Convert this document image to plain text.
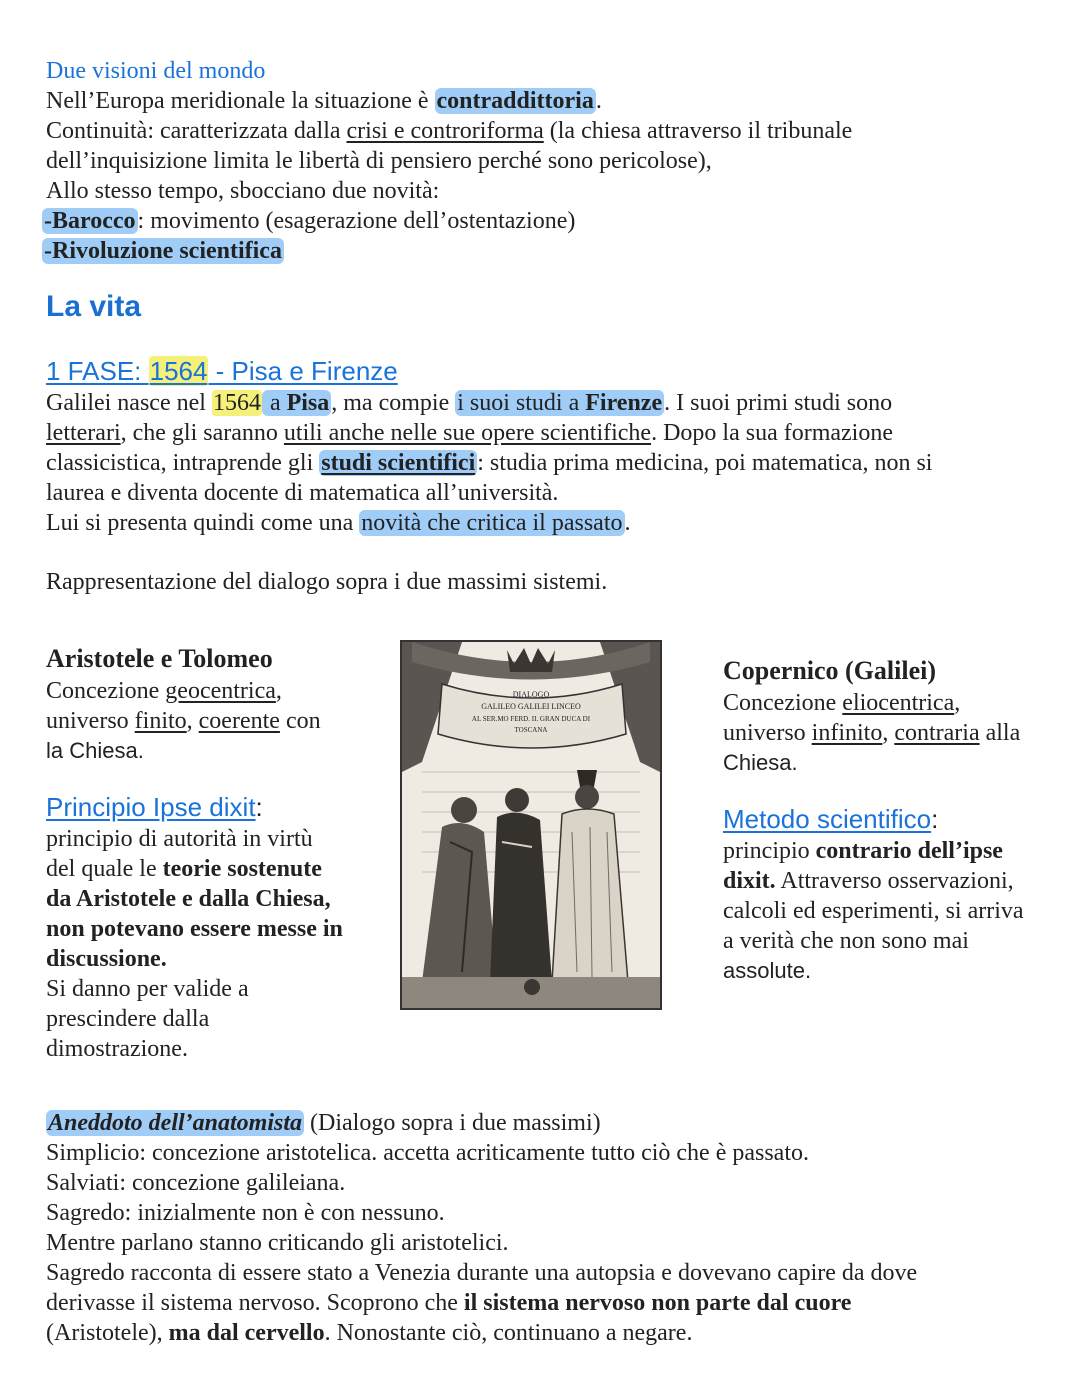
Due visioni del mondo
Nell’Europa meridionale la situazione è contraddittoria.
Continuità: caratterizzata dalla crisi e controriforma (la chiesa attraverso il tribunale
dell’inquisizione limita le libertà di pensiero perché sono pericolose),
Allo stesso tempo, sbocciano due novità:
-Barocco: movimento (esagerazione dell’ostentazione)
-Rivoluzione scientifica
La vita
1 FASE: 1564 - Pisa e Firenze
Galilei nasce nel 1564 a Pisa, ma compie i suoi studi a Firenze. I suoi primi studi sono
letterari, che gli saranno utili anche nelle sue opere scientifiche. Dopo la sua formazione
classicistica, intraprende gli studi scientifici: studia prima medicina, poi matematica, non si
laurea e diventa docente di matematica all’università.
Lui si presenta quindi come una novità che critica il passato.
Rappresentazione del dialogo sopra i due massimi sistemi.
Aristotele e Tolomeo
Concezione geocentrica,
universo finito, coerente con
la Chiesa.
Principio Ipse dixit:
principio di autorità in virtù
del quale le teorie sostenute
da Aristotele e dalla Chiesa,
non potevano essere messe in
discussione.
Si danno per valide a
prescindere dalla
dimostrazione.
DIALOGO
GALILEO GALILEI LINCEO
AL SER.MO FERD. II. GRAN DUCA DI
TOSCANA
Copernico (Galilei)
Concezione eliocentrica,
universo infinito, contraria alla
Chiesa.
Metodo scientifico:
principio contrario dell’ipse
dixit. Attraverso osservazioni,
calcoli ed esperimenti, si arriva
a verità che non sono mai
assolute.
Aneddoto dell’anatomista (Dialogo sopra i due massimi)
Simplicio: concezione aristotelica. accetta acriticamente tutto ciò che è passato.
Salviati: concezione galileiana.
Sagredo: inizialmente non è con nessuno.
Mentre parlano stanno criticando gli aristotelici.
Sagredo racconta di essere stato a Venezia durante una autopsia e dovevano capire da dove
derivasse il sistema nervoso. Scoprono che il sistema nervoso non parte dal cuore
(Aristotele), ma dal cervello. Nonostante ciò, continuano a negare.
